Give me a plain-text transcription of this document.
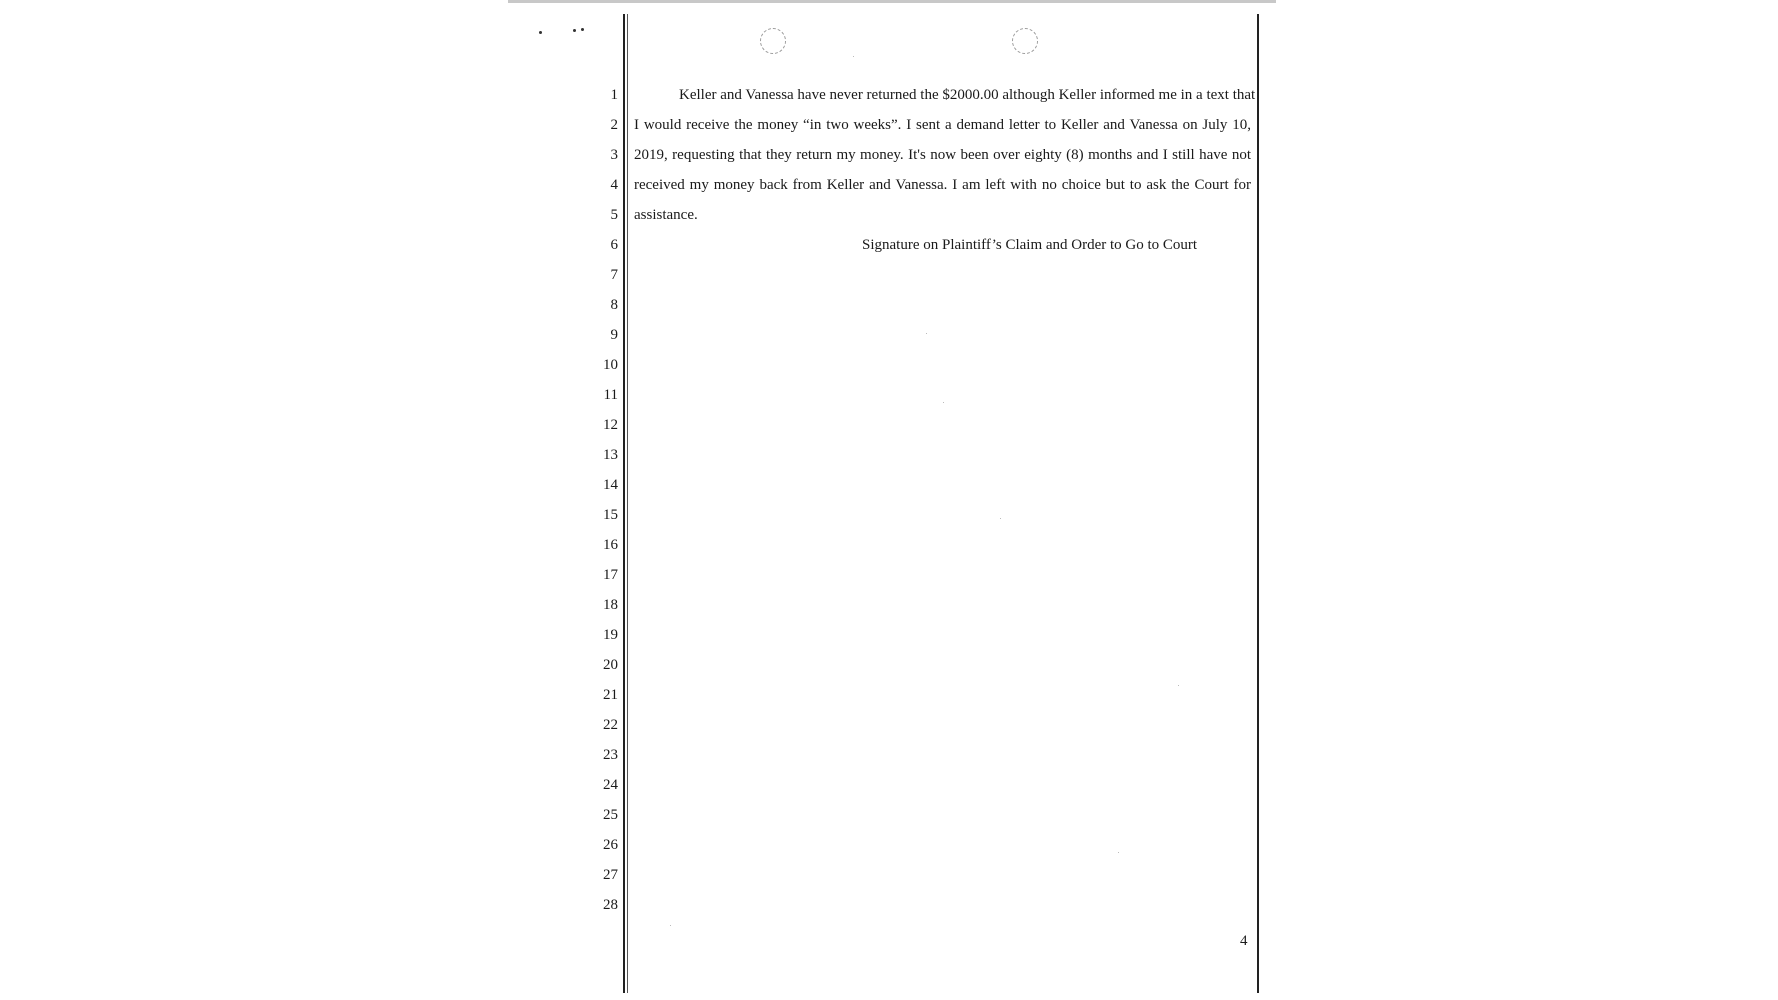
1
2
3
4
5
6
7
8
9
10
11
12
13
14
15
16
17
18
19
20
21
22
23
24
25
26
27
28
Keller and Vanessa have never returned the $2000.00 although Keller informed me in a text that
I would receive the money “in two weeks”. I sent a demand letter to Keller and Vanessa on July 10,
2019, requesting that they return my money. It's now been over eighty (8) months and I still have not
received my money back from Keller and Vanessa. I am left with no choice but to ask the Court for
assistance.
Signature on Plaintiff’s Claim and Order to Go to Court
4
